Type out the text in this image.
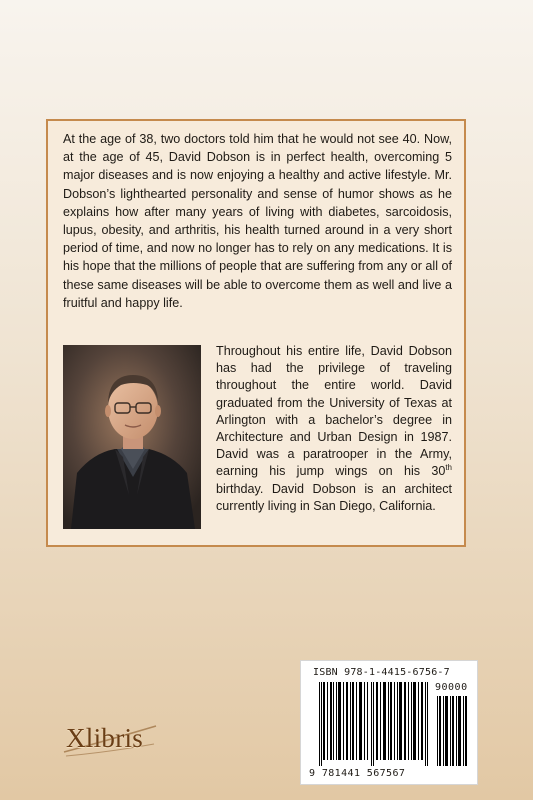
At the age of 38, two doctors told him that he would not see 40. Now, at the age of 45, David Dobson is in perfect health, overcoming 5 major diseases and is now enjoying a healthy and active lifestyle. Mr. Dobson’s lighthearted personality and sense of humor shows as he explains how after many years of living with diabetes, sarcoidosis, lupus, obesity, and arthritis, his health turned around in a very short period of time, and now no longer has to rely on any medications. It is his hope that the millions of people that are suffering from any or all of these same diseases will be able to overcome them as well and live a fruitful and happy life.

Throughout his entire life, David Dobson has had the privilege of traveling throughout the entire world. David graduated from the University of Texas at Arlington with a bachelor’s degree in Architecture and Urban Design in 1987. David was a paratrooper in the Army, earning his jump wings on his 30th birthday. David Dobson is an architect currently living in San Diego, California.

Xlibris
ISBN 978-1-4415-6756-7
90000
9 781441 567567
